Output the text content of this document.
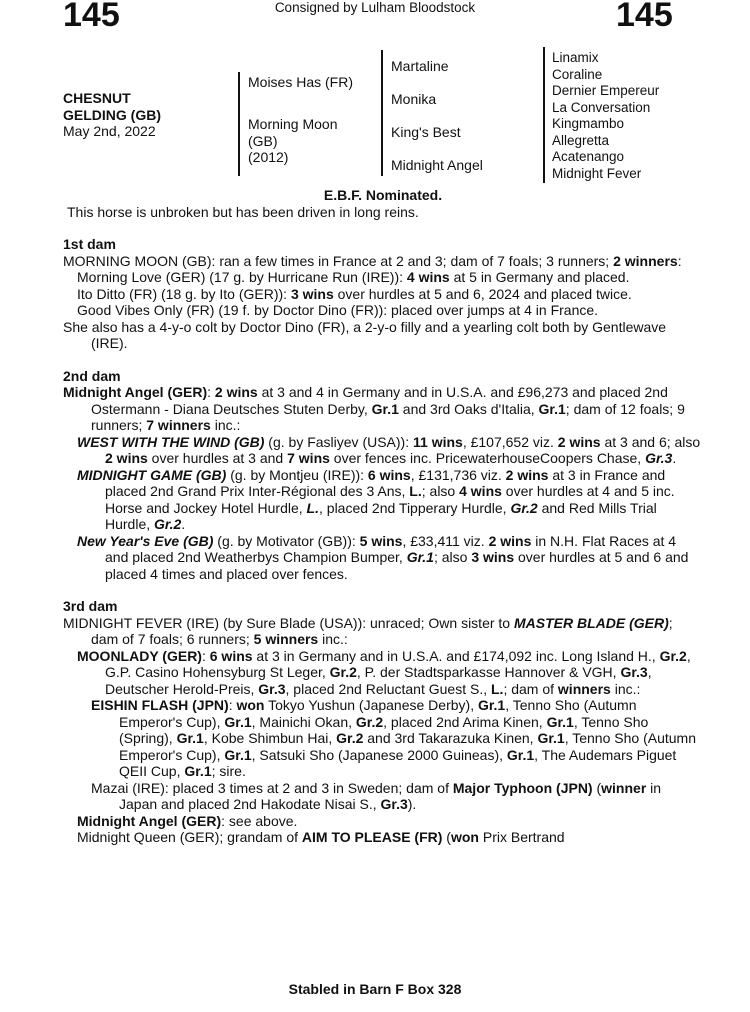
145	Consigned by Lulham Bloodstock	145
CHESNUT
GELDING (GB)
May 2nd, 2022
Moises Has (FR)
Morning Moon
(GB)
(2012)
Martaline
Monika
King's Best
Midnight Angel
Linamix
Coraline
Dernier Empereur
La Conversation
Kingmambo
Allegretta
Acatenango
Midnight Fever

E.B.F. Nominated.

This horse is unbroken but has been driven in long reins.

1st dam

MORNING MOON (GB): ran a few times in France at 2 and 3; dam of 7 foals; 3 runners; 2 winners:

Morning Love (GER) (17 g. by Hurricane Run (IRE)): 4 wins at 5 in Germany and placed.

Ito Ditto (FR) (18 g. by Ito (GER)): 3 wins over hurdles at 5 and 6, 2024 and placed twice.

Good Vibes Only (FR) (19 f. by Doctor Dino (FR)): placed over jumps at 4 in France.

She also has a 4-y-o colt by Doctor Dino (FR), a 2-y-o filly and a yearling colt both by Gentlewave (IRE).

2nd dam

Midnight Angel (GER): 2 wins at 3 and 4 in Germany and in U.S.A. and £96,273 and placed 2nd Ostermann - Diana Deutsches Stuten Derby, Gr.1 and 3rd Oaks d'Italia, Gr.1; dam of 12 foals; 9 runners; 7 winners inc.:

WEST WITH THE WIND (GB) (g. by Fasliyev (USA)): 11 wins, £107,652 viz. 2 wins at 3 and 6; also 2 wins over hurdles at 3 and 7 wins over fences inc. PricewaterhouseCoopers Chase, Gr.3.

MIDNIGHT GAME (GB) (g. by Montjeu (IRE)): 6 wins, £131,736 viz. 2 wins at 3 in France and placed 2nd Grand Prix Inter-Régional des 3 Ans, L.; also 4 wins over hurdles at 4 and 5 inc. Horse and Jockey Hotel Hurdle, L., placed 2nd Tipperary Hurdle, Gr.2 and Red Mills Trial Hurdle, Gr.2.

New Year's Eve (GB) (g. by Motivator (GB)): 5 wins, £33,411 viz. 2 wins in N.H. Flat Races at 4 and placed 2nd Weatherbys Champion Bumper, Gr.1; also 3 wins over hurdles at 5 and 6 and placed 4 times and placed over fences.

3rd dam

MIDNIGHT FEVER (IRE) (by Sure Blade (USA)): unraced; Own sister to MASTER BLADE (GER); dam of 7 foals; 6 runners; 5 winners inc.:

MOONLADY (GER): 6 wins at 3 in Germany and in U.S.A. and £174,092 inc. Long Island H., Gr.2, G.P. Casino Hohensyburg St Leger, Gr.2, P. der Stadtsparkasse Hannover & VGH, Gr.3, Deutscher Herold-Preis, Gr.3, placed 2nd Reluctant Guest S., L.; dam of winners inc.:

EISHIN FLASH (JPN): won Tokyo Yushun (Japanese Derby), Gr.1, Tenno Sho (Autumn Emperor's Cup), Gr.1, Mainichi Okan, Gr.2, placed 2nd Arima Kinen, Gr.1, Tenno Sho (Spring), Gr.1, Kobe Shimbun Hai, Gr.2 and 3rd Takarazuka Kinen, Gr.1, Tenno Sho (Autumn Emperor's Cup), Gr.1, Satsuki Sho (Japanese 2000 Guineas), Gr.1, The Audemars Piguet QEII Cup, Gr.1; sire.

Mazai (IRE): placed 3 times at 2 and 3 in Sweden; dam of Major Typhoon (JPN) (winner in Japan and placed 2nd Hakodate Nisai S., Gr.3).

Midnight Angel (GER): see above.

Midnight Queen (GER); grandam of AIM TO PLEASE (FR) (won Prix Bertrand

Stabled in Barn F Box 328
